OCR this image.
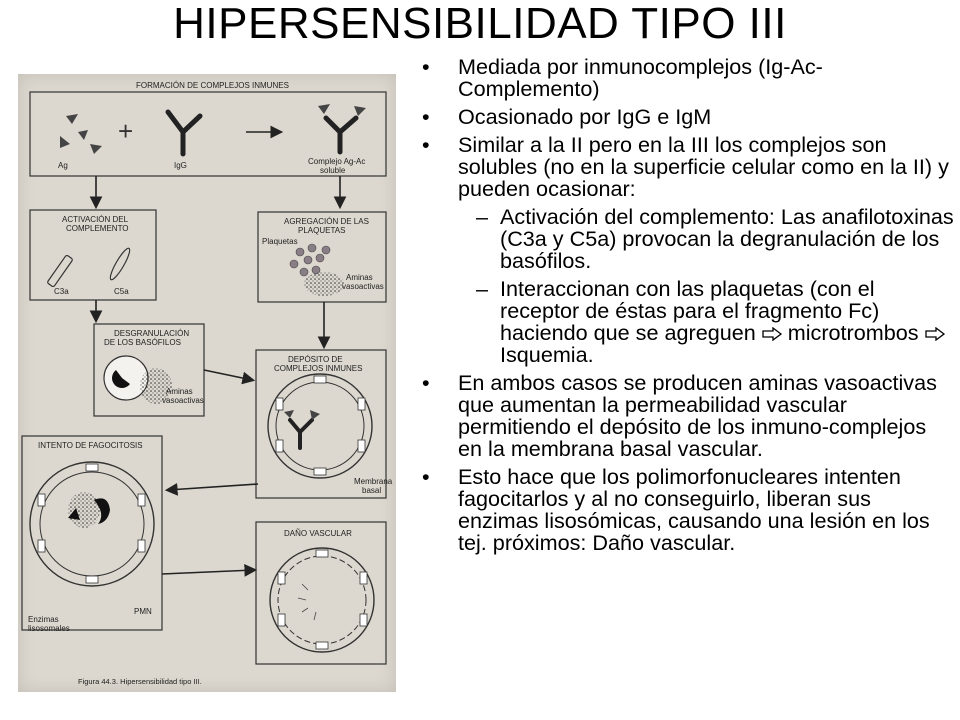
HIPERSENSIBILIDAD TIPO III
FORMACIÓN DE COMPLEJOS INMUNES
Ag
+
IgG	Complejo Ag-Ac
soluble
ACTIVACIÓN DEL
COMPLEMENTO
C3a	C5a
AGREGACIÓN DE LAS
PLAQUETAS
Plaquetas
Aminas
vasoactivas
DESGRANULACIÓN
DE LOS BASÓFILOS
Aminas
vasoactivas
DEPÓSITO DE
COMPLEJOS INMUNES
Membrana
basal
INTENTO DE FAGOCITOSIS
PMN
Enzimas
lisosomales
DAÑO VASCULAR
Figura 44.3. Hipersensibilidad tipo III.
• Mediada por inmunocomplejos (Ig-Ac-Complemento)
• Ocasionado por IgG e IgM
• Similar a la II pero en la III los complejos son solubles (no en la superficie celular como en la II) y pueden ocasionar:
– Activación del complemento: Las anafilotoxinas (C3a y C5a) provocan la degranulación de los basófilos.
– Interaccionan con las plaquetas (con el receptor de éstas para el fragmento Fc) haciendo que se agreguen  microtrombos  Isquemia.
• En ambos casos se producen aminas vasoactivas que aumentan la permeabilidad vascular permitiendo el depósito de los inmuno-complejos en la membrana basal vascular.
• Esto hace que los polimorfonucleares intenten fagocitarlos y al no conseguirlo, liberan sus enzimas lisosómicas, causando una lesión en los tej. próximos: Daño vascular.
